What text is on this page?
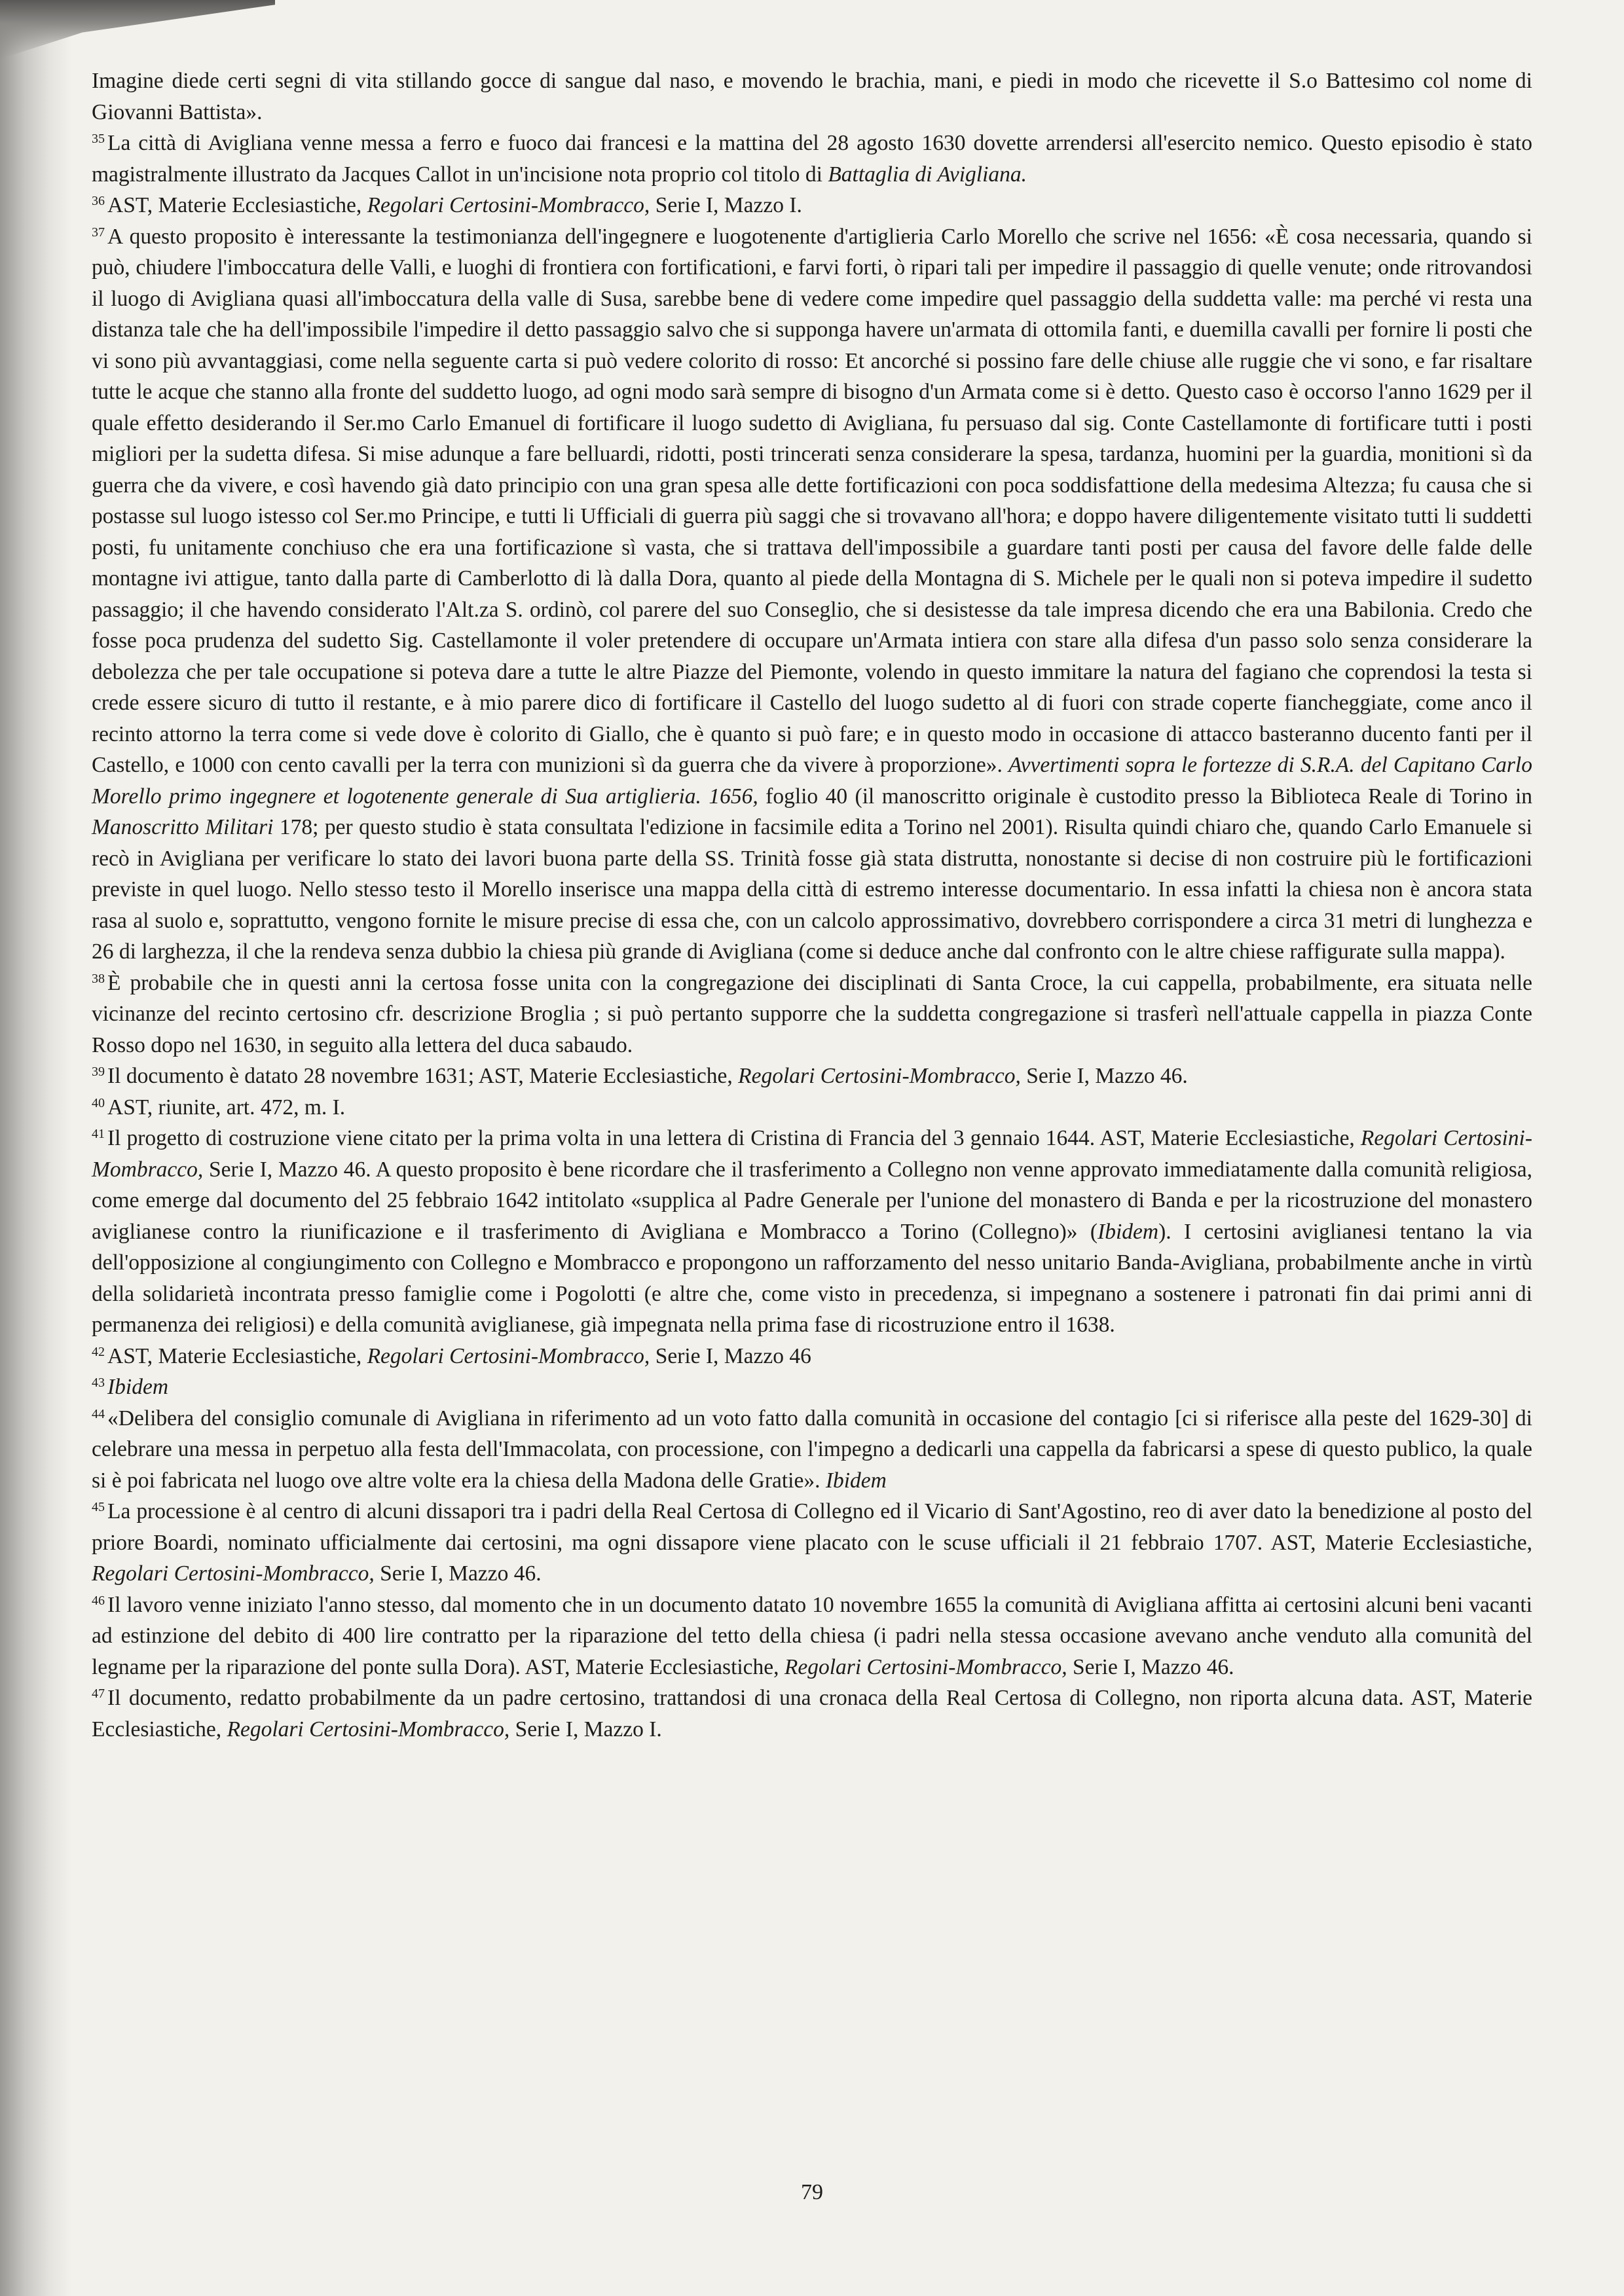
Imagine diede certi segni di vita stillando gocce di sangue dal naso, e movendo le brachia, mani, e piedi in modo che ricevette il S.o Battesimo col nome di Giovanni Battista».

$^{35}$ La città di Avigliana venne messa a ferro e fuoco dai francesi e la mattina del 28 agosto 1630 dovette arrendersi all'esercito nemico. Questo episodio è stato magistralmente illustrato da Jacques Callot in un'incisione nota proprio col titolo di Battaglia di Avigliana.

$^{36}$ AST, Materie Ecclesiastiche, Regolari Certosini-Mombracco, Serie I, Mazzo I.

$^{37}$ A questo proposito è interessante la testimonianza dell'ingegnere e luogotenente d'artiglieria Carlo Morello che scrive nel 1656: «È cosa necessaria, quando si può, chiudere l'imboccatura delle Valli, e luoghi di frontiera con fortificationi, e farvi forti, ò ripari tali per impedire il passaggio di quelle venute; onde ritrovandosi il luogo di Avigliana quasi all'imboccatura della valle di Susa, sarebbe bene di vedere come impedire quel passaggio della suddetta valle: ma perché vi resta una distanza tale che ha dell'impossibile l'impedire il detto passaggio salvo che si supponga havere un'armata di ottomila fanti, e duemilla cavalli per fornire li posti che vi sono più avvantaggiasi, come nella seguente carta si può vedere colorito di rosso: Et ancorché si possino fare delle chiuse alle ruggie che vi sono, e far risaltare tutte le acque che stanno alla fronte del suddetto luogo, ad ogni modo sarà sempre di bisogno d'un Armata come si è detto. Questo caso è occorso l'anno 1629 per il quale effetto desiderando il Ser.mo Carlo Emanuel di fortificare il luogo sudetto di Avigliana, fu persuaso dal sig. Conte Castellamonte di fortificare tutti i posti migliori per la sudetta difesa. Si mise adunque a fare belluardi, ridotti, posti trincerati senza considerare la spesa, tardanza, huomini per la guardia, monitioni sì da guerra che da vivere, e così havendo già dato principio con una gran spesa alle dette fortificazioni con poca soddisfattione della medesima Altezza; fu causa che si postasse sul luogo istesso col Ser.mo Principe, e tutti li Ufficiali di guerra più saggi che si trovavano all'hora; e doppo havere diligentemente visitato tutti li suddetti posti, fu unitamente conchiuso che era una fortificazione sì vasta, che si trattava dell'impossibile a guardare tanti posti per causa del favore delle falde delle montagne ivi attigue, tanto dalla parte di Camberlotto di là dalla Dora, quanto al piede della Montagna di S. Michele per le quali non si poteva impedire il sudetto passaggio; il che havendo considerato l'Alt.za S. ordinò, col parere del suo Conseglio, che si desistesse da tale impresa dicendo che era una Babilonia. Credo che fosse poca prudenza del sudetto Sig. Castellamonte il voler pretendere di occupare un'Armata intiera con stare alla difesa d'un passo solo senza considerare la debolezza che per tale occupatione si poteva dare a tutte le altre Piazze del Piemonte, volendo in questo immitare la natura del fagiano che coprendosi la testa si crede essere sicuro di tutto il restante, e à mio parere dico di fortificare il Castello del luogo sudetto al di fuori con strade coperte fiancheggiate, come anco il recinto attorno la terra come si vede dove è colorito di Giallo, che è quanto si può fare; e in questo modo in occasione di attacco basteranno ducento fanti per il Castello, e 1000 con cento cavalli per la terra con munizioni sì da guerra che da vivere à proporzione». Avvertimenti sopra le fortezze di S.R.A. del Capitano Carlo Morello primo ingegnere et logotenente generale di Sua artiglieria. 1656, foglio 40 (il manoscritto originale è custodito presso la Biblioteca Reale di Torino in Manoscritto Militari 178; per questo studio è stata consultata l'edizione in facsimile edita a Torino nel 2001). Risulta quindi chiaro che, quando Carlo Emanuele si recò in Avigliana per verificare lo stato dei lavori buona parte della SS. Trinità fosse già stata distrutta, nonostante si decise di non costruire più le fortificazioni previste in quel luogo. Nello stesso testo il Morello inserisce una mappa della città di estremo interesse documentario. In essa infatti la chiesa non è ancora stata rasa al suolo e, soprattutto, vengono fornite le misure precise di essa che, con un calcolo approssimativo, dovrebbero corrispondere a circa 31 metri di lunghezza e 26 di larghezza, il che la rendeva senza dubbio la chiesa più grande di Avigliana (come si deduce anche dal confronto con le altre chiese raffigurate sulla mappa).

$^{38}$ È probabile che in questi anni la certosa fosse unita con la congregazione dei disciplinati di Santa Croce, la cui cappella, probabilmente, era situata nelle vicinanze del recinto certosino cfr. descrizione Broglia ; si può pertanto supporre che la suddetta congregazione si trasferì nell'attuale cappella in piazza Conte Rosso dopo nel 1630, in seguito alla lettera del duca sabaudo.

$^{39}$ Il documento è datato 28 novembre 1631; AST, Materie Ecclesiastiche, Regolari Certosini-Mombracco, Serie I, Mazzo 46.

$^{40}$ AST, riunite, art. 472, m. I.

$^{41}$ Il progetto di costruzione viene citato per la prima volta in una lettera di Cristina di Francia del 3 gennaio 1644. AST, Materie Ecclesiastiche, Regolari Certosini-Mombracco, Serie I, Mazzo 46. A questo proposito è bene ricordare che il trasferimento a Collegno non venne approvato immediatamente dalla comunità religiosa, come emerge dal documento del 25 febbraio 1642 intitolato «supplica al Padre Generale per l'unione del monastero di Banda e per la ricostruzione del monastero aviglianese contro la riunificazione e il trasferimento di Avigliana e Mombracco a Torino (Collegno)» (Ibidem). I certosini aviglianesi tentano la via dell'opposizione al congiungimento con Collegno e Mombracco e propongono un rafforzamento del nesso unitario Banda-Avigliana, probabilmente anche in virtù della solidarietà incontrata presso famiglie come i Pogolotti (e altre che, come visto in precedenza, si impegnano a sostenere i patronati fin dai primi anni di permanenza dei religiosi) e della comunità aviglianese, già impegnata nella prima fase di ricostruzione entro il 1638.

$^{42}$ AST, Materie Ecclesiastiche, Regolari Certosini-Mombracco, Serie I, Mazzo 46

$^{43}$ Ibidem

$^{44}$ «Delibera del consiglio comunale di Avigliana in riferimento ad un voto fatto dalla comunità in occasione del contagio [ci si riferisce alla peste del 1629-30] di celebrare una messa in perpetuo alla festa dell'Immacolata, con processione, con l'impegno a dedicarli una cappella da fabricarsi a spese di questo publico, la quale si è poi fabricata nel luogo ove altre volte era la chiesa della Madona delle Gratie». Ibidem

$^{45}$ La processione è al centro di alcuni dissapori tra i padri della Real Certosa di Collegno ed il Vicario di Sant'Agostino, reo di aver dato la benedizione al posto del priore Boardi, nominato ufficialmente dai certosini, ma ogni dissapore viene placato con le scuse ufficiali il 21 febbraio 1707. AST, Materie Ecclesiastiche, Regolari Certosini-Mombracco, Serie I, Mazzo 46.

$^{46}$ Il lavoro venne iniziato l'anno stesso, dal momento che in un documento datato 10 novembre 1655 la comunità di Avigliana affitta ai certosini alcuni beni vacanti ad estinzione del debito di 400 lire contratto per la riparazione del tetto della chiesa (i padri nella stessa occasione avevano anche venduto alla comunità del legname per la riparazione del ponte sulla Dora). AST, Materie Ecclesiastiche, Regolari Certosini-Mombracco, Serie I, Mazzo 46.

$^{47}$ Il documento, redatto probabilmente da un padre certosino, trattandosi di una cronaca della Real Certosa di Collegno, non riporta alcuna data. AST, Materie Ecclesiastiche, Regolari Certosini-Mombracco, Serie I, Mazzo I.

79
